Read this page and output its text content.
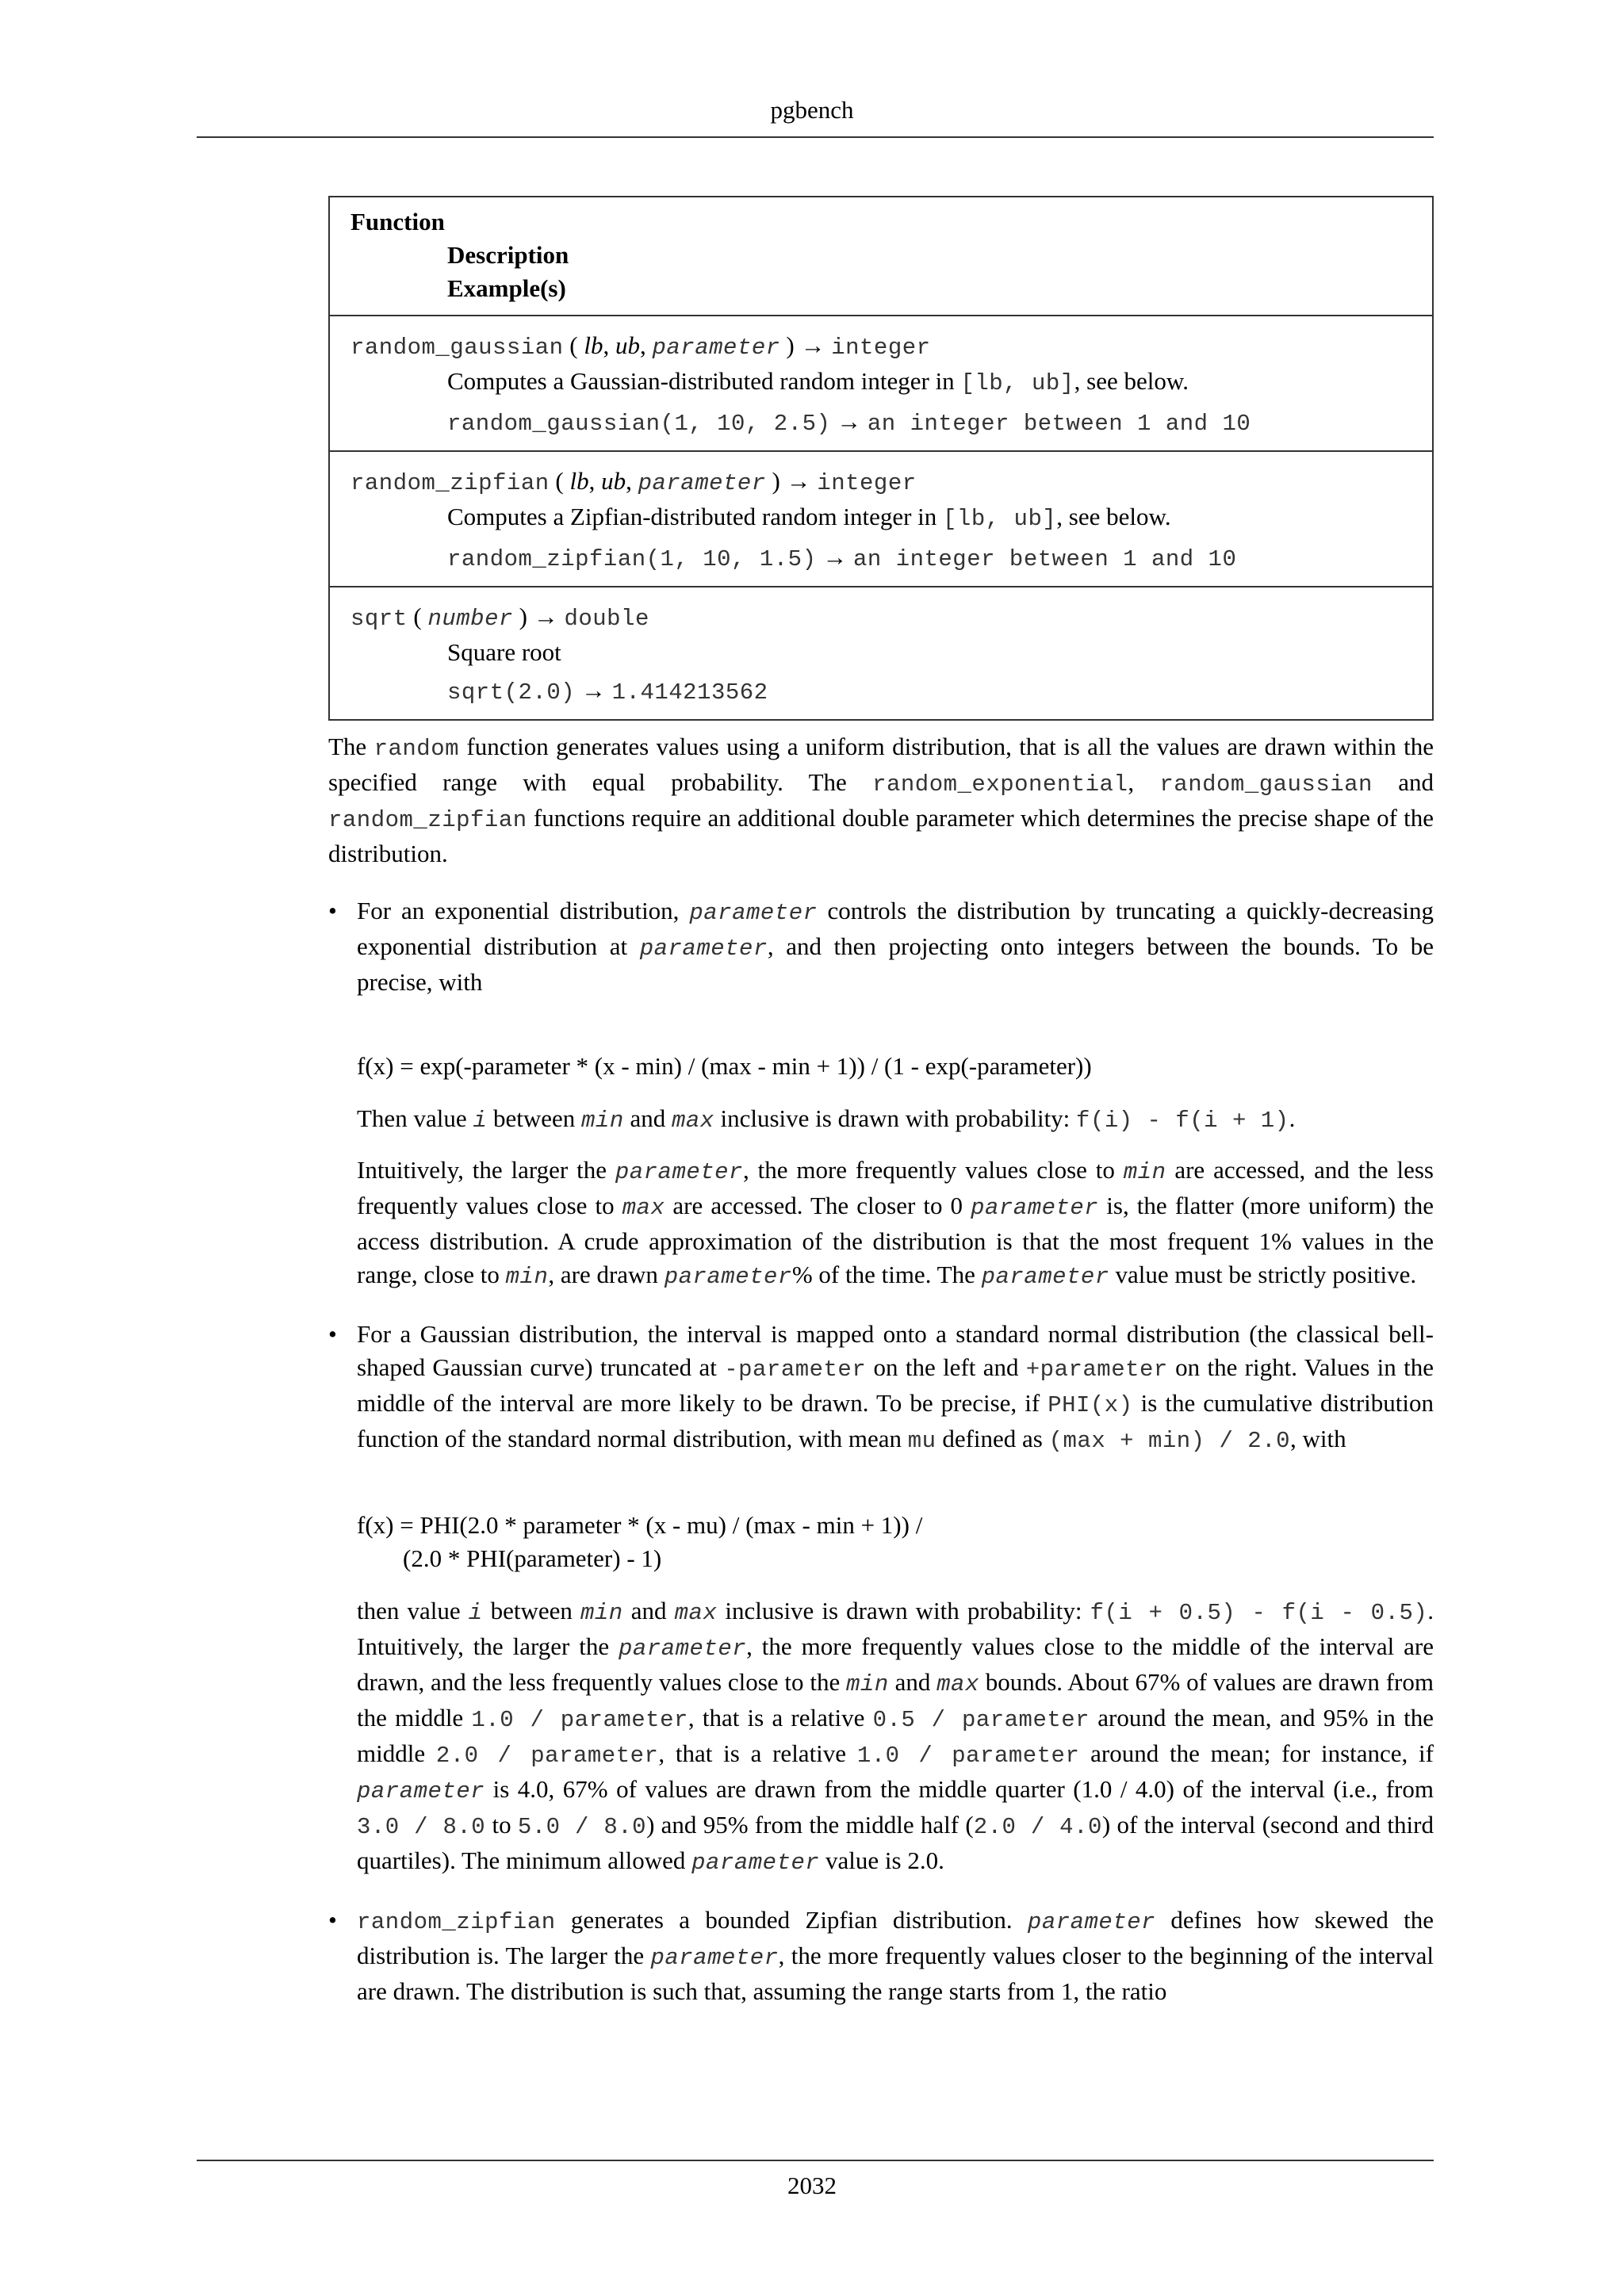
pgbench
Function
Description
Example(s)

random_gaussian ( lb, ub, parameter ) → integer
Computes a Gaussian-distributed random integer in [lb, ub], see below.
random_gaussian(1, 10, 2.5) → an integer between 1 and 10

random_zipfian ( lb, ub, parameter ) → integer
Computes a Zipfian-distributed random integer in [lb, ub], see below.
random_zipfian(1, 10, 1.5) → an integer between 1 and 10

sqrt ( number ) → double
Square root
sqrt(2.0) → 1.414213562

The random function generates values using a uniform distribution, that is all the values are drawn within the specified range with equal probability. The random_exponential, random_gaussian and random_zipfian functions require an additional double parameter which determines the precise shape of the distribution.

• For an exponential distribution, parameter controls the distribution by truncating a quickly-decreasing exponential distribution at parameter, and then projecting onto integers between the bounds. To be precise, with

f(x) = exp(-parameter * (x - min) / (max - min + 1)) / (1 - exp(-parameter))

Then value i between min and max inclusive is drawn with probability: f(i) - f(i + 1).

Intuitively, the larger the parameter, the more frequently values close to min are accessed, and the less frequently values close to max are accessed. The closer to 0 parameter is, the flatter (more uniform) the access distribution. A crude approximation of the distribution is that the most frequent 1% values in the range, close to min, are drawn parameter% of the time. The parameter value must be strictly positive.

• For a Gaussian distribution, the interval is mapped onto a standard normal distribution (the classical bell-shaped Gaussian curve) truncated at -parameter on the left and +parameter on the right. Values in the middle of the interval are more likely to be drawn. To be precise, if PHI(x) is the cumulative distribution function of the standard normal distribution, with mean mu defined as (max + min) / 2.0, with

f(x) = PHI(2.0 * parameter * (x - mu) / (max - min + 1)) /
(2.0 * PHI(parameter) - 1)

then value i between min and max inclusive is drawn with probability: f(i + 0.5) - f(i - 0.5). Intuitively, the larger the parameter, the more frequently values close to the middle of the interval are drawn, and the less frequently values close to the min and max bounds. About 67% of values are drawn from the middle 1.0 / parameter, that is a relative 0.5 / parameter around the mean, and 95% in the middle 2.0 / parameter, that is a relative 1.0 / parameter around the mean; for instance, if parameter is 4.0, 67% of values are drawn from the middle quarter (1.0 / 4.0) of the interval (i.e., from 3.0 / 8.0 to 5.0 / 8.0) and 95% from the middle half (2.0 / 4.0) of the interval (second and third quartiles). The minimum allowed parameter value is 2.0.

• random_zipfian generates a bounded Zipfian distribution. parameter defines how skewed the distribution is. The larger the parameter, the more frequently values closer to the beginning of the interval are drawn. The distribution is such that, assuming the range starts from 1, the ratio

2032
